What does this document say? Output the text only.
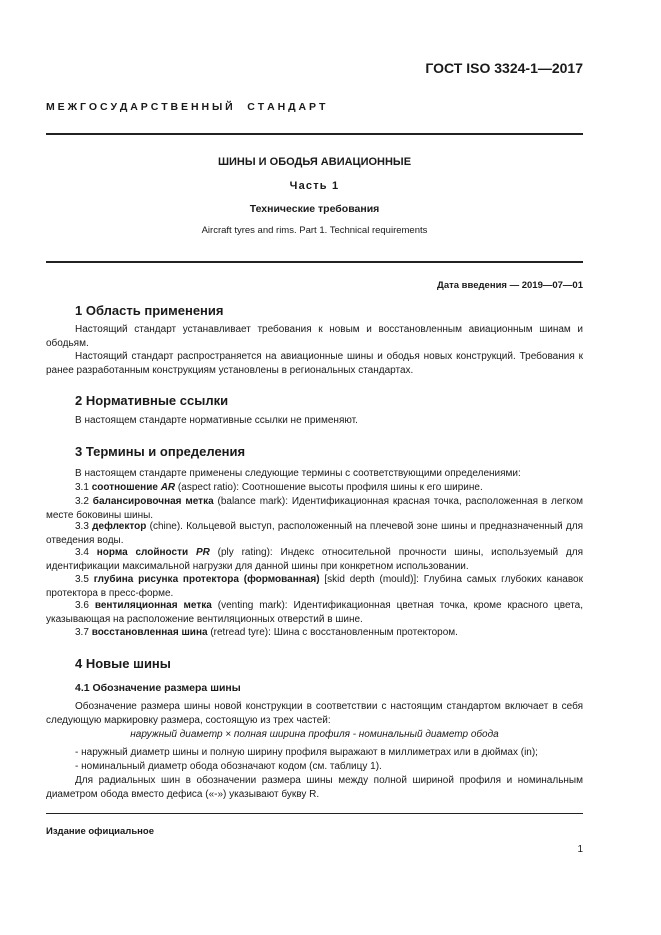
ГОСТ ISO 3324-1—2017
М Е Ж Г О С У Д А Р С Т В Е Н Н Ы Й     С Т А Н Д А Р Т
ШИНЫ И ОБОДЬЯ АВИАЦИОННЫЕ
Часть 1
Технические требования
Aircraft tyres and rims. Part 1. Technical requirements
Дата введения — 2019—07—01
1 Область применения
Настоящий стандарт устанавливает требования к новым и восстановленным авиационным шинам и ободьям.
Настоящий стандарт распространяется на авиационные шины и ободья новых конструкций. Требования к ранее разработанным конструкциям установлены в региональных стандартах.
2 Нормативные ссылки
В настоящем стандарте нормативные ссылки не применяют.
3 Термины и определения
В настоящем стандарте применены следующие термины с соответствующими определениями:
3.1 соотношение AR (aspect ratio): Соотношение высоты профиля шины к его ширине.
3.2 балансировочная метка (balance mark): Идентификационная красная точка, расположенная в легком месте боковины шины.
3.3 дефлектор (chine). Кольцевой выступ, расположенный на плечевой зоне шины и предназначенный для отведения воды.
3.4 норма слойности PR (ply rating): Индекс относительной прочности шины, используемый для идентификации максимальной нагрузки для данной шины при конкретном использовании.
3.5 глубина рисунка протектора (формованная) [skid depth (mould)]: Глубина самых глубоких канавок протектора в пресс-форме.
3.6 вентиляционная метка (venting mark): Идентификационная цветная точка, кроме красного цвета, указывающая на расположение вентиляционных отверстий в шине.
3.7 восстановленная шина (retread tyre): Шина с восстановленным протектором.
4 Новые шины
4.1 Обозначение размера шины
Обозначение размера шины новой конструкции в соответствии с настоящим стандартом включает в себя следующую маркировку размера, состоящую из трех частей:
наружный диаметр × полная ширина профиля - номинальный диаметр обода
- наружный диаметр шины и полную ширину профиля выражают в миллиметрах или в дюймах (in);
- номинальный диаметр обода обозначают кодом (см. таблицу 1).
Для радиальных шин в обозначении размера шины между полной шириной профиля и номинальным диаметром обода вместо дефиса («-») указывают букву R.
Издание официальное
1
